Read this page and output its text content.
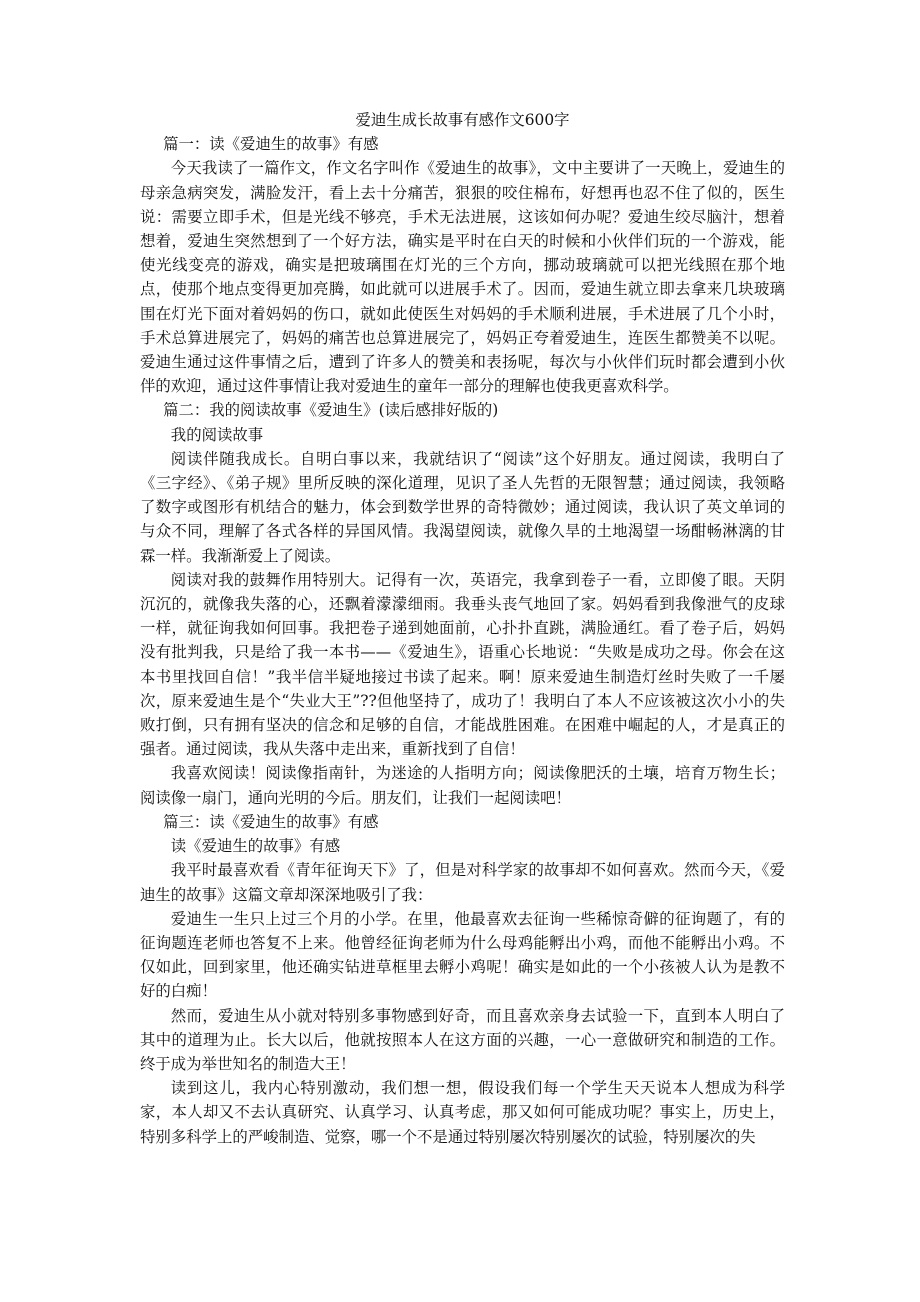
爱迪生成长故事有感作文600字

篇一：读《爱迪生的故事》有感

今天我读了一篇作文，作文名字叫作《爱迪生的故事》，文中主要讲了一天晚上，爱迪生的母亲急病突发，满脸发汗，看上去十分痛苦，狠狠的咬住棉布，好想再也忍不住了似的，医生说：需要立即手术，但是光线不够亮，手术无法进展，这该如何办呢？爱迪生绞尽脑汁，想着想着，爱迪生突然想到了一个好方法，确实是平时在白天的时候和小伙伴们玩的一个游戏，能使光线变亮的游戏，确实是把玻璃围在灯光的三个方向，挪动玻璃就可以把光线照在那个地点，使那个地点变得更加亮腾，如此就可以进展手术了。因而，爱迪生就立即去拿来几块玻璃围在灯光下面对着妈妈的伤口，就如此使医生对妈妈的手术顺利进展，手术进展了几个小时，手术总算进展完了，妈妈的痛苦也总算进展完了，妈妈正夸着爱迪生，连医生都赞美不以呢。爱迪生通过这件事情之后，遭到了许多人的赞美和表扬呢，每次与小伙伴们玩时都会遭到小伙伴的欢迎，通过这件事情让我对爱迪生的童年一部分的理解也使我更喜欢科学。

篇二：我的阅读故事《爱迪生》(读后感排好版的)

我的阅读故事

阅读伴随我成长。自明白事以来，我就结识了“阅读”这个好朋友。通过阅读，我明白了《三字经》、《弟子规》里所反映的深化道理，见识了圣人先哲的无限智慧；通过阅读，我领略了数字或图形有机结合的魅力，体会到数学世界的奇特微妙；通过阅读，我认识了英文单词的与众不同，理解了各式各样的异国风情。我渴望阅读，就像久旱的土地渴望一场酣畅淋漓的甘霖一样。我渐渐爱上了阅读。

阅读对我的鼓舞作用特别大。记得有一次，英语完，我拿到卷子一看，立即傻了眼。天阴沉沉的，就像我失落的心，还飘着濛濛细雨。我垂头丧气地回了家。妈妈看到我像泄气的皮球一样，就征询我如何回事。我把卷子递到她面前，心扑扑直跳，满脸通红。看了卷子后，妈妈没有批判我，只是给了我一本书——《爱迪生》，语重心长地说：“失败是成功之母。你会在这本书里找回自信！”我半信半疑地接过书读了起来。啊！原来爱迪生制造灯丝时失败了一千屡次，原来爱迪生是个“失业大王”??但他坚持了，成功了！我明白了本人不应该被这次小小的失败打倒，只有拥有坚决的信念和足够的自信，才能战胜困难。在困难中崛起的人，才是真正的强者。通过阅读，我从失落中走出来，重新找到了自信！

我喜欢阅读！阅读像指南针，为迷途的人指明方向；阅读像肥沃的土壤，培育万物生长；阅读像一扇门，通向光明的今后。朋友们，让我们一起阅读吧！

篇三：读《爱迪生的故事》有感

读《爱迪生的故事》有感

我平时最喜欢看《青年征询天下》了，但是对科学家的故事却不如何喜欢。然而今天，《爱迪生的故事》这篇文章却深深地吸引了我：

爱迪生一生只上过三个月的小学。在里，他最喜欢去征询一些稀惊奇僻的征询题了，有的征询题连老师也答复不上来。他曾经征询老师为什么母鸡能孵出小鸡，而他不能孵出小鸡。不仅如此，回到家里，他还确实钻进草框里去孵小鸡呢！确实是如此的一个小孩被人认为是教不好的白痴！

然而，爱迪生从小就对特别多事物感到好奇，而且喜欢亲身去试验一下，直到本人明白了其中的道理为止。长大以后，他就按照本人在这方面的兴趣，一心一意做研究和制造的工作。终于成为举世知名的制造大王！

读到这儿，我内心特别激动，我们想一想，假设我们每一个学生天天说本人想成为科学家，本人却又不去认真研究、认真学习、认真考虑，那又如何可能成功呢？事实上，历史上，特别多科学上的严峻制造、觉察，哪一个不是通过特别屡次特别屡次的试验，特别屡次的失
